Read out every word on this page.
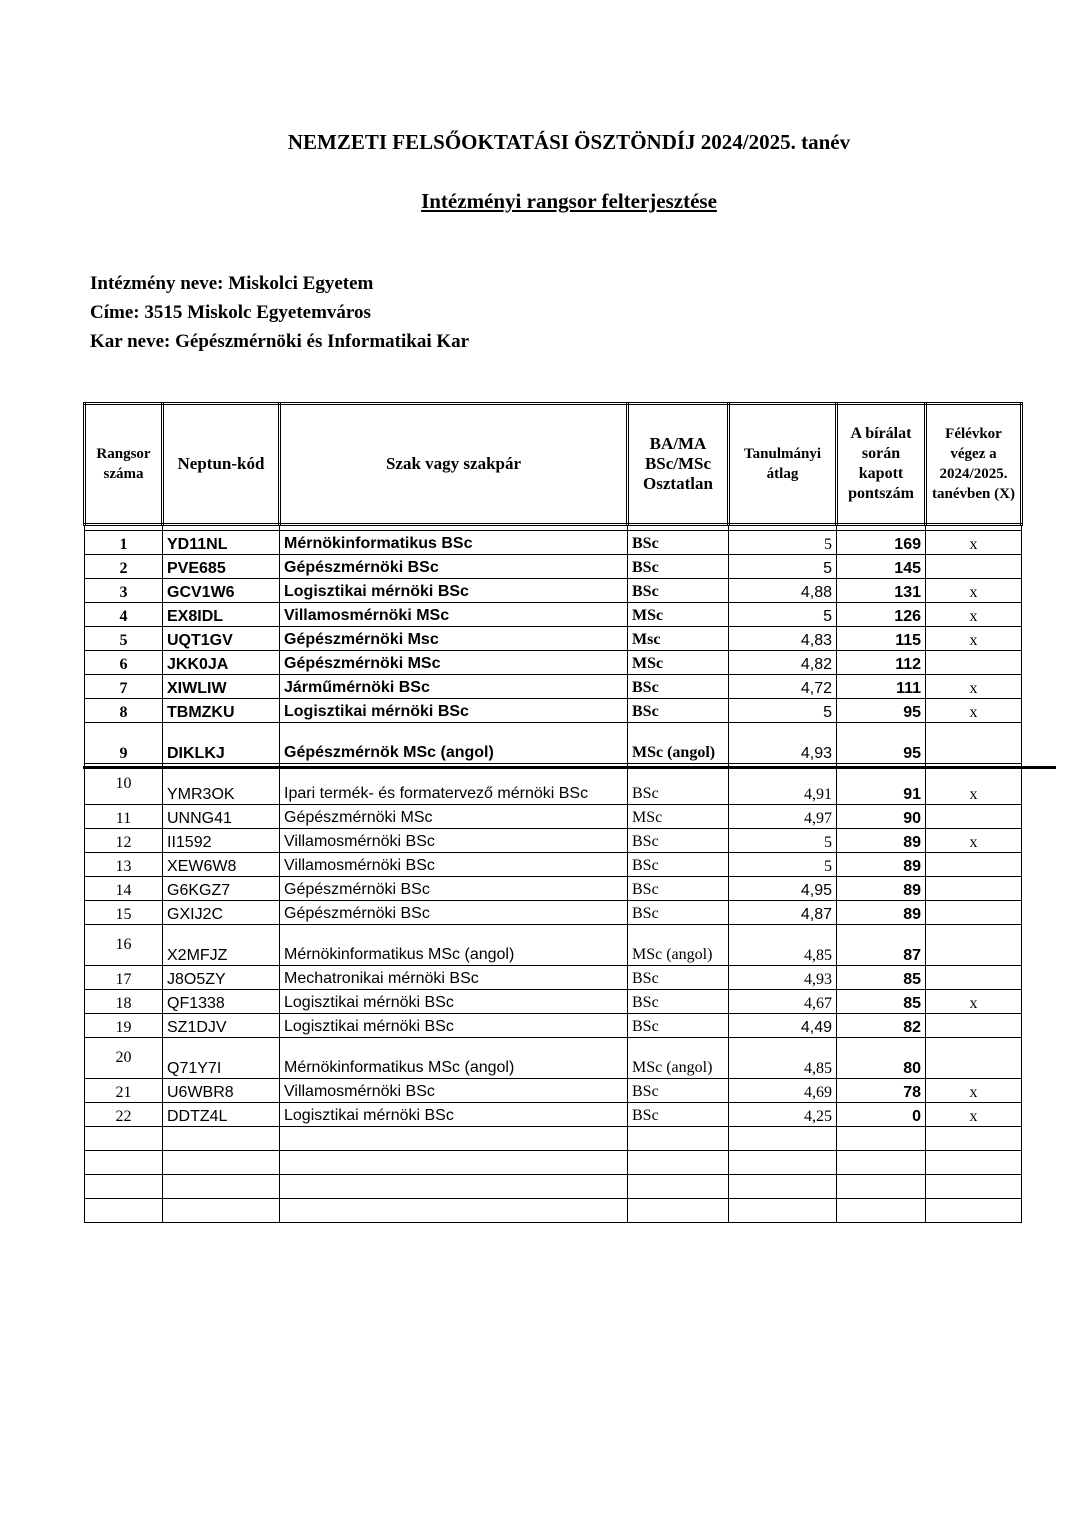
NEMZETI FELSŐOKTATÁSI ÖSZTÖNDÍJ 2024/2025. tanév
Intézményi rangsor felterjesztése
Intézmény neve: Miskolci Egyetem
Címe: 3515 Miskolc Egyetemváros
Kar neve: Gépészmérnöki és Informatikai Kar
Rangsor száma	Neptun-kód	Szak vagy szakpár	BA/MA BSc/MSc Osztatlan	Tanulmányi átlag	A bírálat során kapott pontszám	Félévkor végez a 2024/2025. tanévben (X)

1	YD11NL	Mérnökinformatikus BSc	BSc	5	169	x
2	PVE685	Gépészmérnöki BSc	BSc	5	145	
3	GCV1W6	Logisztikai mérnöki BSc	BSc	4,88	131	x
4	EX8IDL	Villamosmérnöki MSc	MSc	5	126	x
5	UQT1GV	Gépészmérnöki Msc	Msc	4,83	115	x
6	JKK0JA	Gépészmérnöki MSc	MSc	4,82	112	
7	XIWLIW	Járműmérnöki BSc	BSc	4,72	111	x
8	TBMZKU	Logisztikai mérnöki BSc	BSc	5	95	x
9	DIKLKJ	Gépészmérnök MSc (angol)	MSc (angol)	4,93	95	
10	YMR3OK	Ipari termék- és formatervező mérnöki BSc	BSc	4,91	91	x
11	UNNG41	Gépészmérnöki MSc	MSc	4,97	90	
12	II1592	Villamosmérnöki BSc	BSc	5	89	x
13	XEW6W8	Villamosmérnöki BSc	BSc	5	89	
14	G6KGZ7	Gépészmérnöki BSc	BSc	4,95	89	
15	GXIJ2C	Gépészmérnöki BSc	BSc	4,87	89	
16	X2MFJZ	Mérnökinformatikus MSc (angol)	MSc (angol)	4,85	87	
17	J8O5ZY	Mechatronikai mérnöki BSc	BSc	4,93	85	
18	QF1338	Logisztikai mérnöki BSc	BSc	4,67	85	x
19	SZ1DJV	Logisztikai mérnöki BSc	BSc	4,49	82	
20	Q71Y7I	Mérnökinformatikus MSc (angol)	MSc (angol)	4,85	80	
21	U6WBR8	Villamosmérnöki BSc	BSc	4,69	78	x
22	DDTZ4L	Logisztikai mérnöki BSc	BSc	4,25	0	x
